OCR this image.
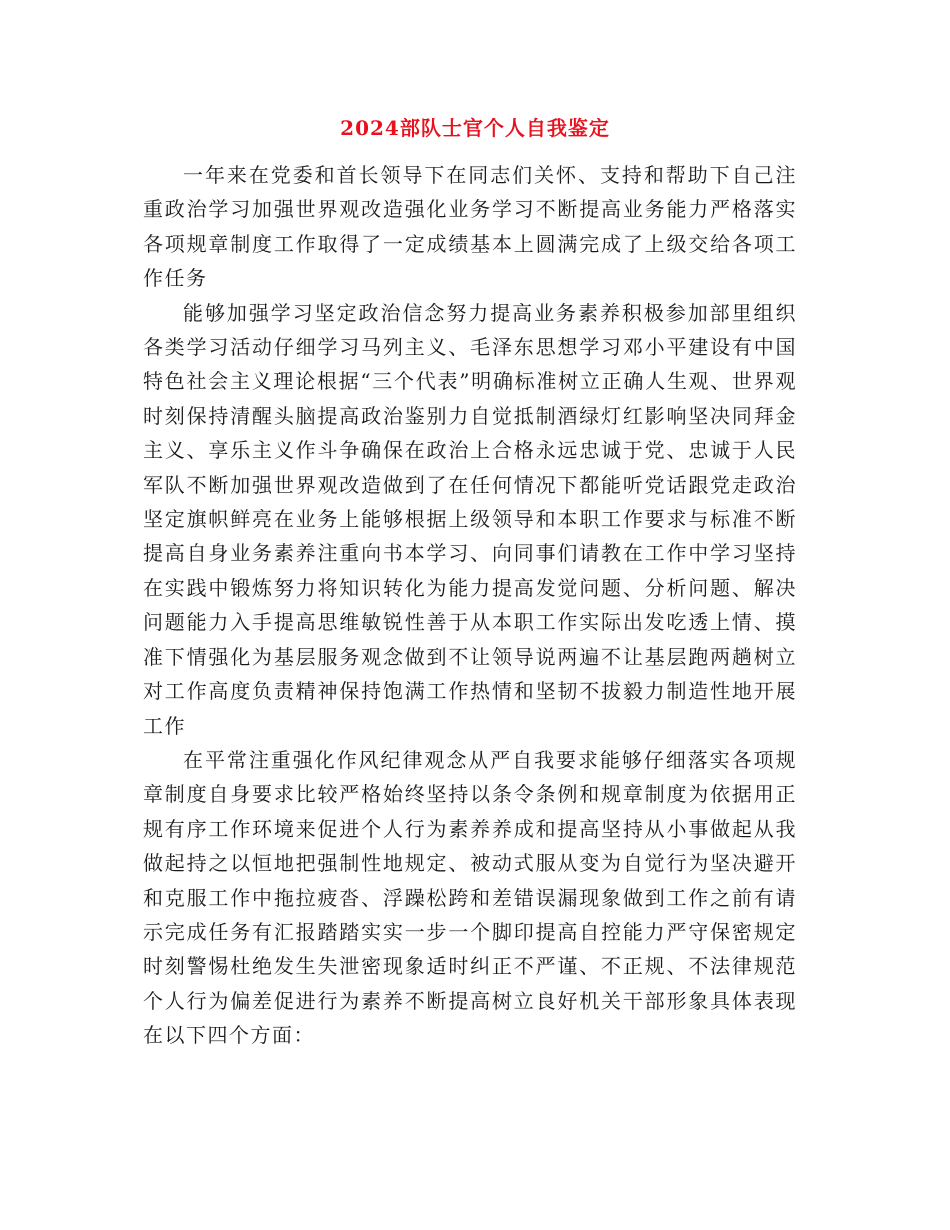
2024部队士官个人自我鉴定

一年来在党委和首长领导下在同志们关怀、支持和帮助下自己注重政治学习加强世界观改造强化业务学习不断提高业务能力严格落实各项规章制度工作取得了一定成绩基本上圆满完成了上级交给各项工作任务

能够加强学习坚定政治信念努力提高业务素养积极参加部里组织各类学习活动仔细学习马列主义、毛泽东思想学习邓小平建设有中国特色社会主义理论根据“三个代表”明确标准树立正确人生观、世界观时刻保持清醒头脑提高政治鉴别力自觉抵制酒绿灯红影响坚决同拜金主义、享乐主义作斗争确保在政治上合格永远忠诚于党、忠诚于人民军队不断加强世界观改造做到了在任何情况下都能听党话跟党走政治坚定旗帜鲜亮在业务上能够根据上级领导和本职工作要求与标准不断提高自身业务素养注重向书本学习、向同事们请教在工作中学习坚持在实践中锻炼努力将知识转化为能力提高发觉问题、分析问题、解决问题能力入手提高思维敏锐性善于从本职工作实际出发吃透上情、摸准下情强化为基层服务观念做到不让领导说两遍不让基层跑两趟树立对工作高度负责精神保持饱满工作热情和坚韧不拔毅力制造性地开展工作

在平常注重强化作风纪律观念从严自我要求能够仔细落实各项规章制度自身要求比较严格始终坚持以条令条例和规章制度为依据用正规有序工作环境来促进个人行为素养养成和提高坚持从小事做起从我做起持之以恒地把强制性地规定、被动式服从变为自觉行为坚决避开和克服工作中拖拉疲沓、浮躁松跨和差错误漏现象做到工作之前有请示完成任务有汇报踏踏实实一步一个脚印提高自控能力严守保密规定时刻警惕杜绝发生失泄密现象适时纠正不严谨、不正规、不法律规范个人行为偏差促进行为素养不断提高树立良好机关干部形象具体表现在以下四个方面：
